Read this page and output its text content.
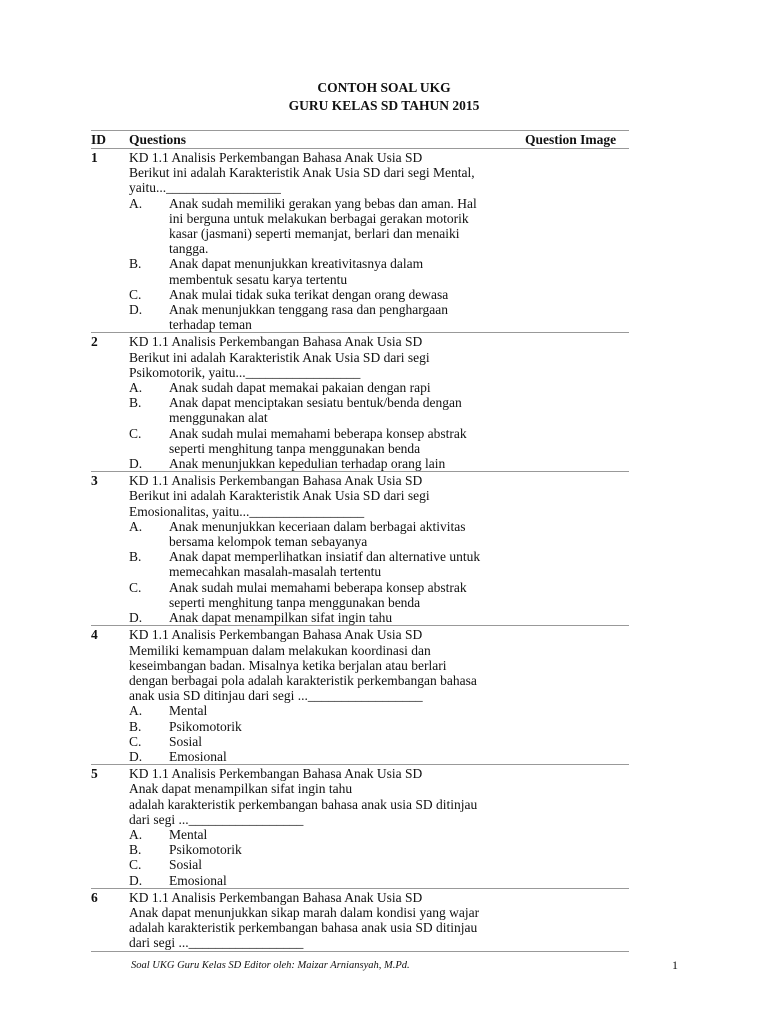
CONTOH SOAL UKG
GURU KELAS SD TAHUN 2015
ID Questions	Question Image
1 KD 1.1 Analisis Perkembangan Bahasa Anak Usia SD
Berikut ini adalah Karakteristik Anak Usia SD dari segi Mental,
yaitu..._________________
A. Anak sudah memiliki gerakan yang bebas dan aman. Hal
ini berguna untuk melakukan berbagai gerakan motorik
kasar (jasmani) seperti memanjat, berlari dan menaiki
tangga.
B. Anak dapat menunjukkan kreativitasnya dalam
membentuk sesatu karya tertentu
C. Anak mulai tidak suka terikat dengan orang dewasa
D. Anak menunjukkan tenggang rasa dan penghargaan
terhadap teman
2 KD 1.1 Analisis Perkembangan Bahasa Anak Usia SD
Berikut ini adalah Karakteristik Anak Usia SD dari segi
Psikomotorik, yaitu..._________________
A. Anak sudah dapat memakai pakaian dengan rapi
B. Anak dapat menciptakan sesiatu bentuk/benda dengan
menggunakan alat
C. Anak sudah mulai memahami beberapa konsep abstrak
seperti menghitung tanpa menggunakan benda
D. Anak menunjukkan kepedulian terhadap orang lain
3 KD 1.1 Analisis Perkembangan Bahasa Anak Usia SD
Berikut ini adalah Karakteristik Anak Usia SD dari segi
Emosionalitas, yaitu..._________________
A. Anak menunjukkan keceriaan dalam berbagai aktivitas
bersama kelompok teman sebayanya
B. Anak dapat memperlihatkan insiatif dan alternative untuk
memecahkan masalah-masalah tertentu
C. Anak sudah mulai memahami beberapa konsep abstrak
seperti menghitung tanpa menggunakan benda
D. Anak dapat menampilkan sifat ingin tahu
4 KD 1.1 Analisis Perkembangan Bahasa Anak Usia SD
Memiliki kemampuan dalam melakukan koordinasi dan
keseimbangan badan. Misalnya ketika berjalan atau berlari
dengan berbagai pola adalah karakteristik perkembangan bahasa
anak usia SD ditinjau dari segi ..._________________
A. Mental
B. Psikomotorik
C. Sosial
D. Emosional
5 KD 1.1 Analisis Perkembangan Bahasa Anak Usia SD
Anak dapat menampilkan sifat ingin tahu
adalah karakteristik perkembangan bahasa anak usia SD ditinjau
dari segi ..._________________
A. Mental
B. Psikomotorik
C. Sosial
D. Emosional
6 KD 1.1 Analisis Perkembangan Bahasa Anak Usia SD
Anak dapat menunjukkan sikap marah dalam kondisi yang wajar
adalah karakteristik perkembangan bahasa anak usia SD ditinjau
dari segi ..._________________
Soal UKG Guru Kelas SD Editor oleh: Maizar Arniansyah, M.Pd.	1
